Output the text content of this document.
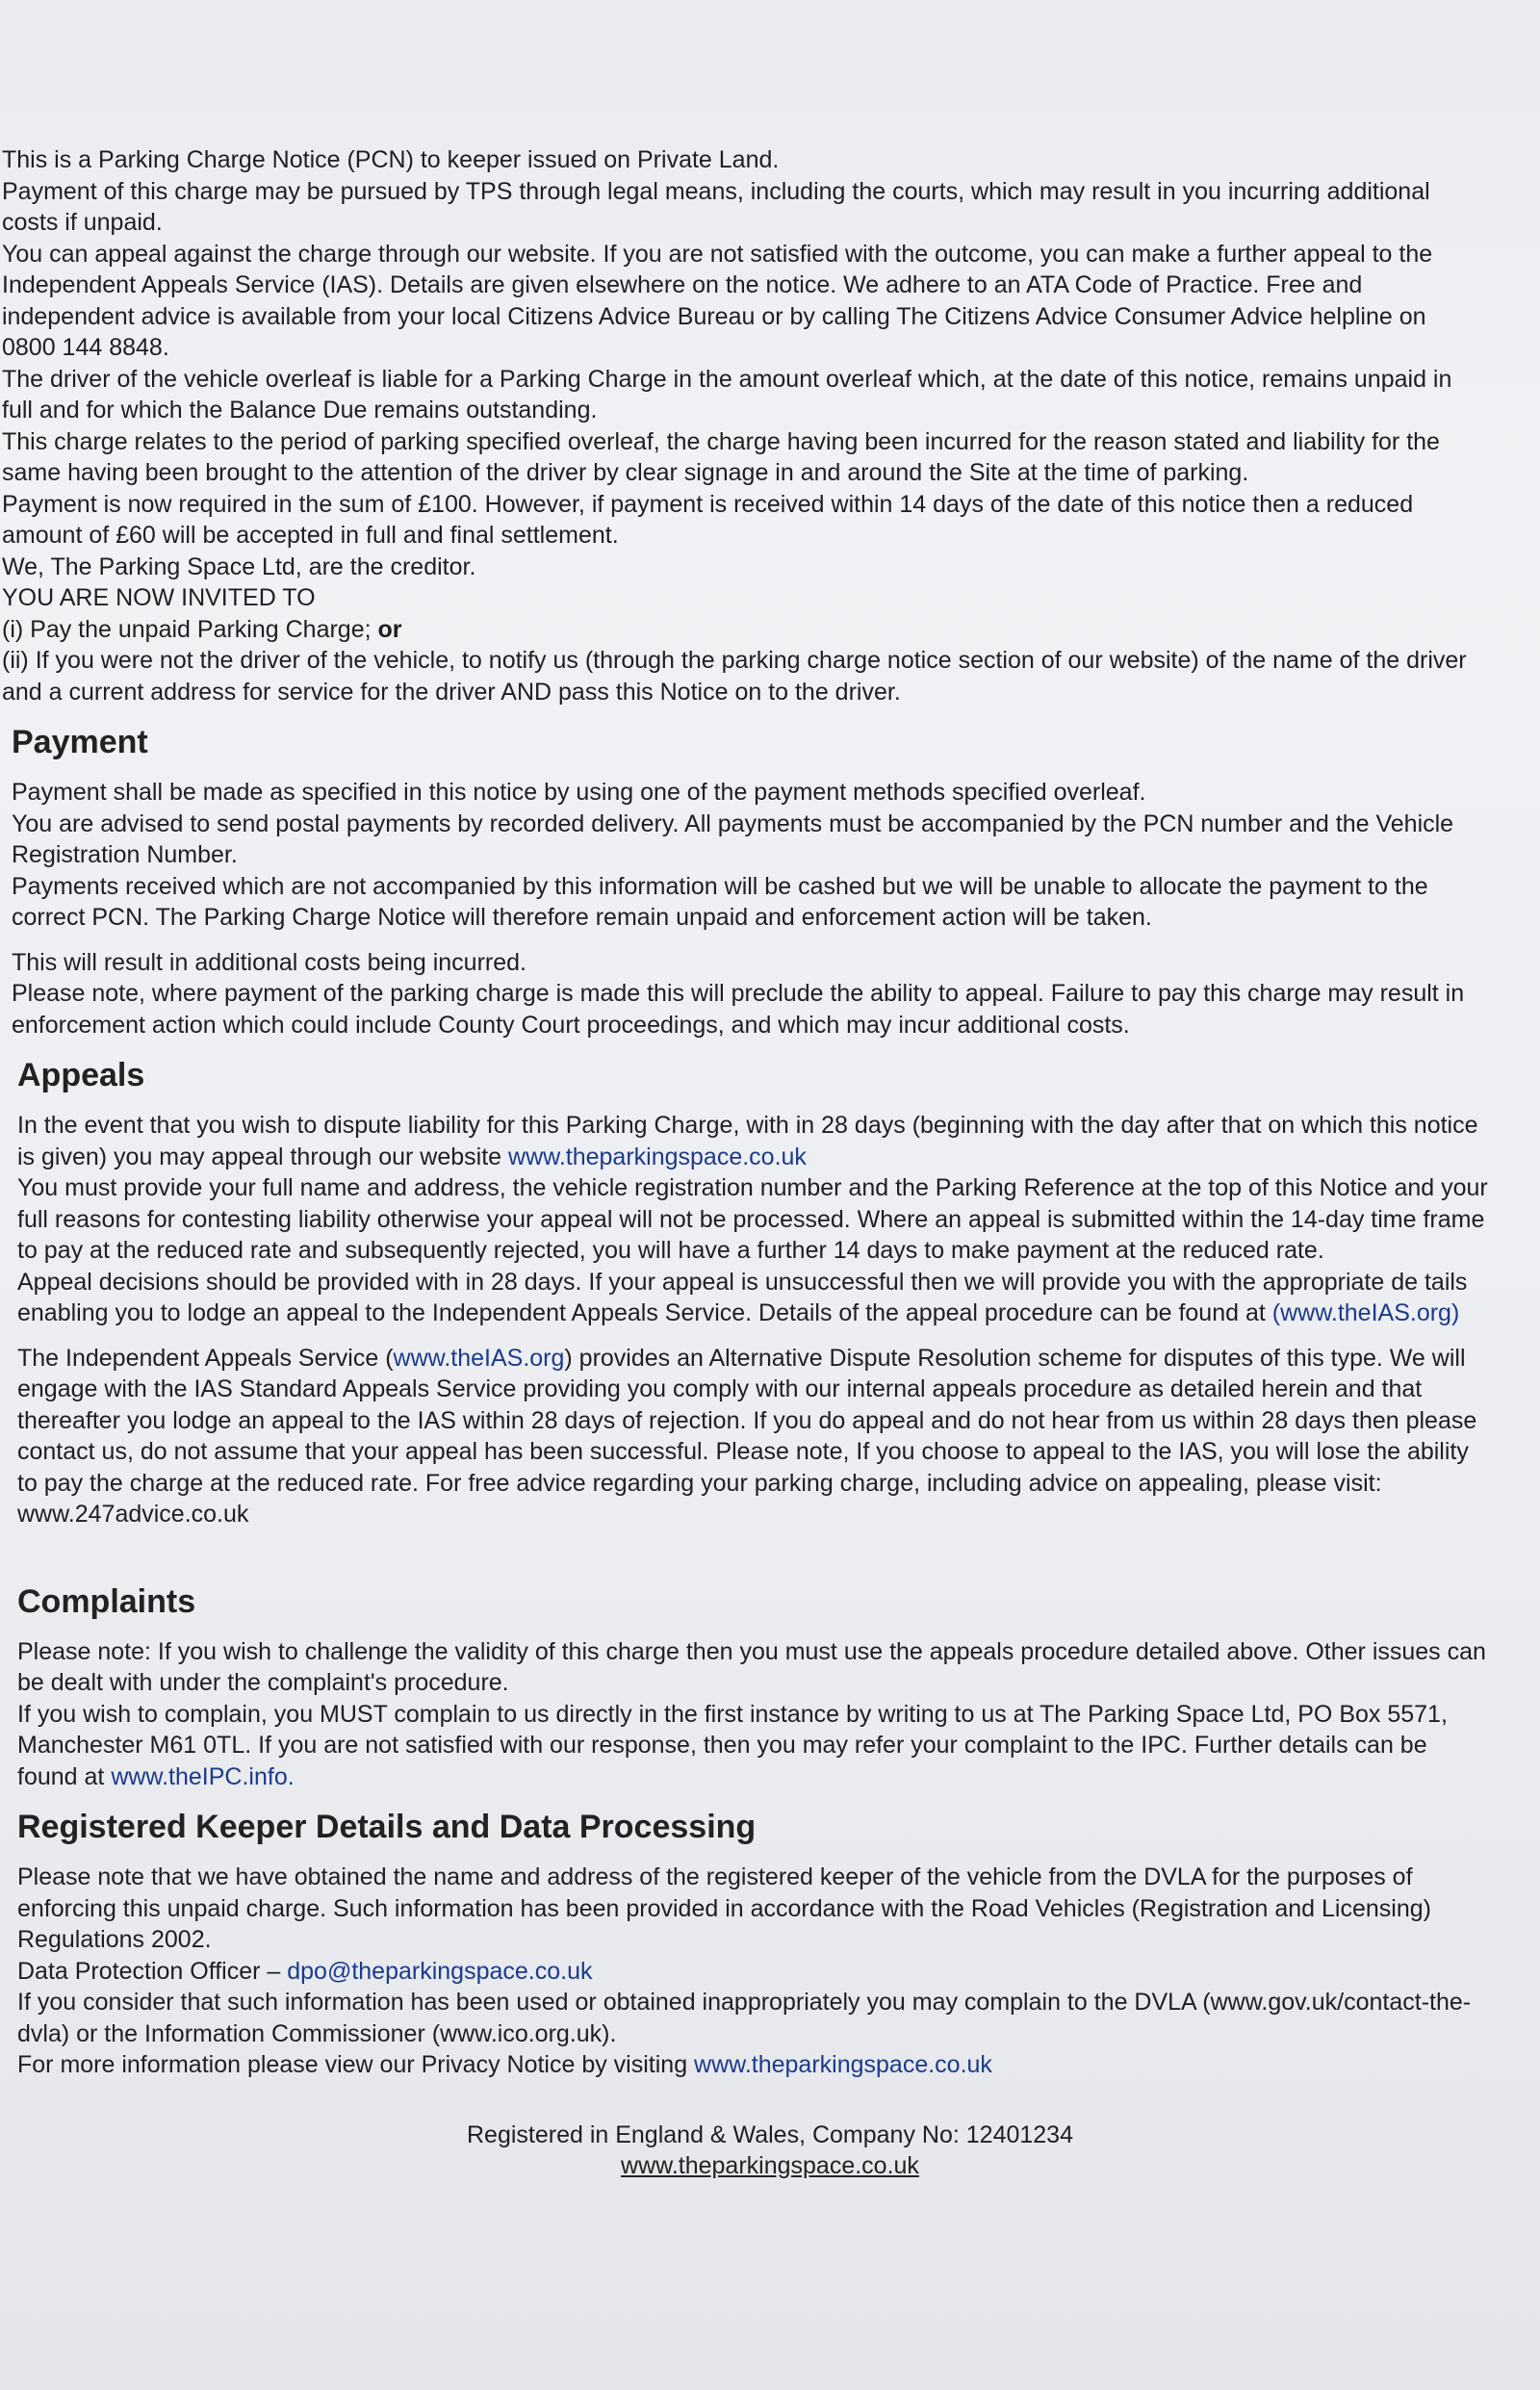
This is a Parking Charge Notice (PCN) to keeper issued on Private Land.

Payment of this charge may be pursued by TPS through legal means, including the courts, which may result in you incurring additional costs if unpaid.

You can appeal against the charge through our website. If you are not satisfied with the outcome, you can make a further appeal to the Independent Appeals Service (IAS). Details are given elsewhere on the notice. We adhere to an ATA Code of Practice. Free and independent advice is available from your local Citizens Advice Bureau or by calling The Citizens Advice Consumer Advice helpline on 0800 144 8848.

The driver of the vehicle overleaf is liable for a Parking Charge in the amount overleaf which, at the date of this notice, remains unpaid in full and for which the Balance Due remains outstanding.

This charge relates to the period of parking specified overleaf, the charge having been incurred for the reason stated and liability for the same having been brought to the attention of the driver by clear signage in and around the Site at the time of parking.

Payment is now required in the sum of £100. However, if payment is received within 14 days of the date of this notice then a reduced amount of £60 will be accepted in full and final settlement.

We, The Parking Space Ltd, are the creditor.

YOU ARE NOW INVITED TO

(i) Pay the unpaid Parking Charge; or

(ii) If you were not the driver of the vehicle, to notify us (through the parking charge notice section of our website) of the name of the driver and a current address for service for the driver AND pass this Notice on to the driver.

Payment

Payment shall be made as specified in this notice by using one of the payment methods specified overleaf.

You are advised to send postal payments by recorded delivery. All payments must be accompanied by the PCN number and the Vehicle Registration Number.

Payments received which are not accompanied by this information will be cashed but we will be unable to allocate the payment to the correct PCN. The Parking Charge Notice will therefore remain unpaid and enforcement action will be taken.

This will result in additional costs being incurred.

Please note, where payment of the parking charge is made this will preclude the ability to appeal. Failure to pay this charge may result in enforcement action which could include County Court proceedings, and which may incur additional costs.

Appeals

In the event that you wish to dispute liability for this Parking Charge, with in 28 days (beginning with the day after that on which this notice is given) you may appeal through our website www.theparkingspace.co.uk

You must provide your full name and address, the vehicle registration number and the Parking Reference at the top of this Notice and your full reasons for contesting liability otherwise your appeal will not be processed. Where an appeal is submitted within the 14-day time frame to pay at the reduced rate and subsequently rejected, you will have a further 14 days to make payment at the reduced rate.

Appeal decisions should be provided with in 28 days. If your appeal is unsuccessful then we will provide you with the appropriate de tails enabling you to lodge an appeal to the Independent Appeals Service. Details of the appeal procedure can be found at (www.theIAS.org)

The Independent Appeals Service (www.theIAS.org) provides an Alternative Dispute Resolution scheme for disputes of this type. We will engage with the IAS Standard Appeals Service providing you comply with our internal appeals procedure as detailed herein and that thereafter you lodge an appeal to the IAS within 28 days of rejection. If you do appeal and do not hear from us within 28 days then please contact us, do not assume that your appeal has been successful. Please note, If you choose to appeal to the IAS, you will lose the ability to pay the charge at the reduced rate. For free advice regarding your parking charge, including advice on appealing, please visit:

www.247advice.co.uk

Complaints

Please note: If you wish to challenge the validity of this charge then you must use the appeals procedure detailed above. Other issues can be dealt with under the complaint's procedure.

If you wish to complain, you MUST complain to us directly in the first instance by writing to us at The Parking Space Ltd, PO Box 5571, Manchester M61 0TL. If you are not satisfied with our response, then you may refer your complaint to the IPC. Further details can be found at www.theIPC.info.

Registered Keeper Details and Data Processing

Please note that we have obtained the name and address of the registered keeper of the vehicle from the DVLA for the purposes of enforcing this unpaid charge. Such information has been provided in accordance with the Road Vehicles (Registration and Licensing) Regulations 2002.

Data Protection Officer – dpo@theparkingspace.co.uk

If you consider that such information has been used or obtained inappropriately you may complain to the DVLA (www.gov.uk/contact-the-dvla) or the Information Commissioner (www.ico.org.uk).

For more information please view our Privacy Notice by visiting www.theparkingspace.co.uk

Registered in England & Wales, Company No: 12401234
www.theparkingspace.co.uk
